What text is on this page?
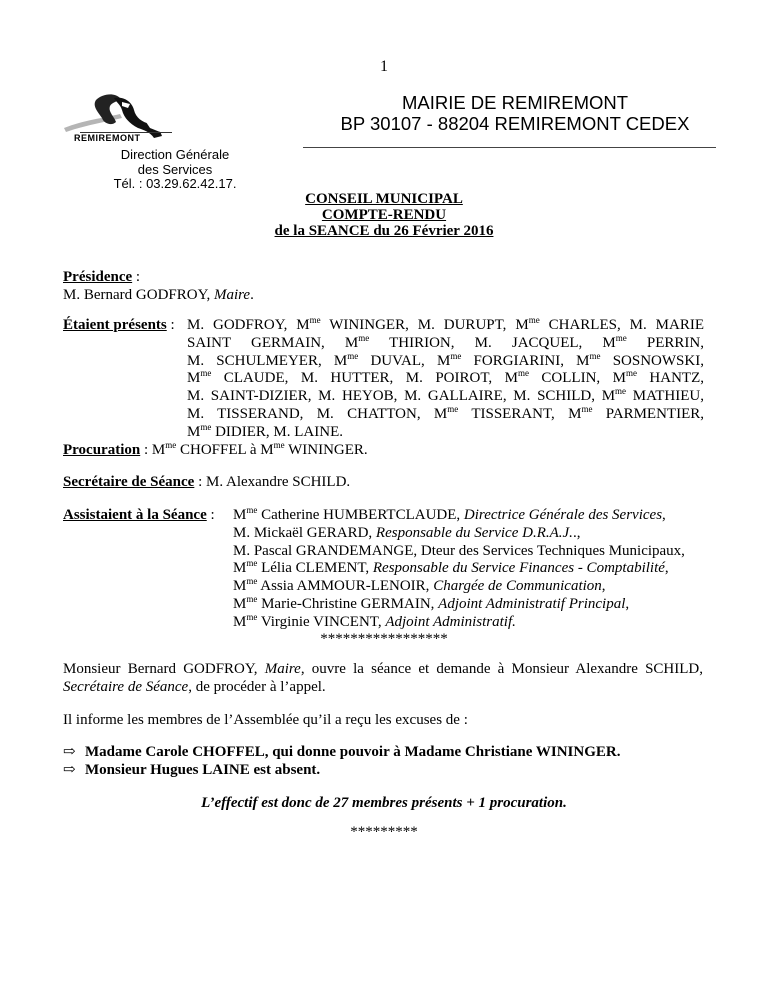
1
REMIREMONT
MAIRIE DE REMIREMONT
BP 30107 - 88204 REMIREMONT CEDEX
Direction Générale
des Services
Tél. : 03.29.62.42.17.
CONSEIL MUNICIPAL
COMPTE-RENDU
de la SEANCE du 26 Février 2016
Présidence :
M. Bernard GODFROY, Maire.
Étaient présents : M. GODFROY, $M^{me}$ WININGER, M. DURUPT, $M^{me}$ CHARLES, M. MARIE
SAINT GERMAIN, $M^{me}$ THIRION, M. JACQUEL, $M^{me}$ PERRIN,
M. SCHULMEYER, $M^{me}$ DUVAL, $M^{me}$ FORGIARINI, $M^{me}$ SOSNOWSKI,
$M^{me}$ CLAUDE, M. HUTTER, M. POIROT, $M^{me}$ COLLIN, $M^{me}$ HANTZ,
M. SAINT-DIZIER, M. HEYOB, M. GALLAIRE, M. SCHILD, $M^{me}$ MATHIEU,
M. TISSERAND, M. CHATTON, $M^{me}$ TISSERANT, $M^{me}$ PARMENTIER,
$M^{me}$ DIDIER, M. LAINE.
Procuration : $M^{me}$ CHOFFEL à $M^{me}$ WININGER.
Secrétaire de Séance : M. Alexandre SCHILD.
Assistaient à la Séance : $M^{me}$ Catherine HUMBERTCLAUDE, Directrice Générale des Services,
M. Mickaël GERARD, Responsable du Service D.R.A.J..,
M. Pascal GRANDEMANGE, Dteur des Services Techniques Municipaux,
$M^{me}$ Lélia CLEMENT, Responsable du Service Finances - Comptabilité,
$M^{me}$ Assia AMMOUR-LENOIR, Chargée de Communication,
$M^{me}$ Marie-Christine GERMAIN, Adjoint Administratif Principal,
$M^{me}$ Virginie VINCENT, Adjoint Administratif.
*****************
Monsieur Bernard GODFROY, Maire, ouvre la séance et demande à Monsieur Alexandre SCHILD, Secrétaire de Séance, de procéder à l’appel.
Il informe les membres de l’Assemblée qu’il a reçu les excuses de :
⇨ Madame Carole CHOFFEL, qui donne pouvoir à Madame Christiane WININGER.
⇨ Monsieur Hugues LAINE est absent.
L’effectif est donc de 27 membres présents + 1 procuration.
*********
